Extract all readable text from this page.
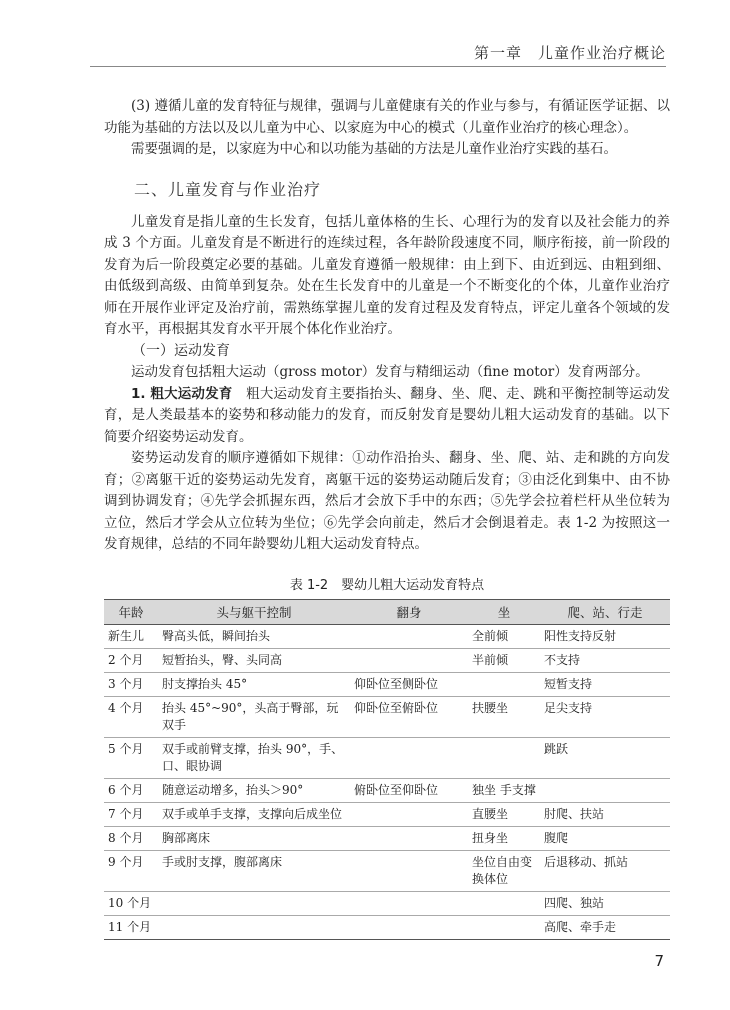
第一章　儿童作业治疗概论

(3) 遵循儿童的发育特征与规律，强调与儿童健康有关的作业与参与，有循证医学证据、以功能为基础的方法以及以儿童为中心、以家庭为中心的模式（儿童作业治疗的核心理念）。

需要强调的是，以家庭为中心和以功能为基础的方法是儿童作业治疗实践的基石。

二、儿童发育与作业治疗

儿童发育是指儿童的生长发育，包括儿童体格的生长、心理行为的发育以及社会能力的养成 3 个方面。儿童发育是不断进行的连续过程，各年龄阶段速度不同，顺序衔接，前一阶段的发育为后一阶段奠定必要的基础。儿童发育遵循一般规律：由上到下、由近到远、由粗到细、由低级到高级、由简单到复杂。处在生长发育中的儿童是一个不断变化的个体，儿童作业治疗师在开展作业评定及治疗前，需熟练掌握儿童的发育过程及发育特点，评定儿童各个领域的发育水平，再根据其发育水平开展个体化作业治疗。

（一）运动发育

运动发育包括粗大运动（gross motor）发育与精细运动（fine motor）发育两部分。

1. 粗大运动发育　 粗大运动发育主要指抬头、翻身、坐、爬、走、跳和平衡控制等运动发育，是人类最基本的姿势和移动能力的发育，而反射发育是婴幼儿粗大运动发育的基础。以下简要介绍姿势运动发育。

姿势运动发育的顺序遵循如下规律：①动作沿抬头、翻身、坐、爬、站、走和跳的方向发育；②离躯干近的姿势运动先发育，离躯干远的姿势运动随后发育；③由泛化到集中、由不协调到协调发育；④先学会抓握东西，然后才会放下手中的东西；⑤先学会拉着栏杆从坐位转为立位，然后才学会从立位转为坐位；⑥先学会向前走，然后才会倒退着走。表 1-2 为按照这一发育规律，总结的不同年龄婴幼儿粗大运动发育特点。

表 1-2　婴幼儿粗大运动发育特点
年龄	头与躯干控制	翻身	坐	爬、站、行走
新生儿	臀高头低，瞬间抬头		全前倾	阳性支持反射
2 个月	短暂抬头，臀、头同高		半前倾	不支持
3 个月	肘支撑抬头 45°	仰卧位至侧卧位		短暂支持
4 个月	抬头 45°~90°，头高于臀部，玩双手	仰卧位至俯卧位	扶腰坐	足尖支持
5 个月	双手或前臂支撑，抬头 90°，手、口、眼协调			跳跃
6 个月	随意运动增多，抬头＞90°	俯卧位至仰卧位	独坐 手支撑	
7 个月	双手或单手支撑，支撑向后成坐位		直腰坐	肘爬、扶站
8 个月	胸部离床		扭身坐	腹爬
9 个月	手或肘支撑，腹部离床		坐位自由变换体位	后退移动、抓站
10 个月				四爬、独站
11 个月				高爬、牵手走
7
